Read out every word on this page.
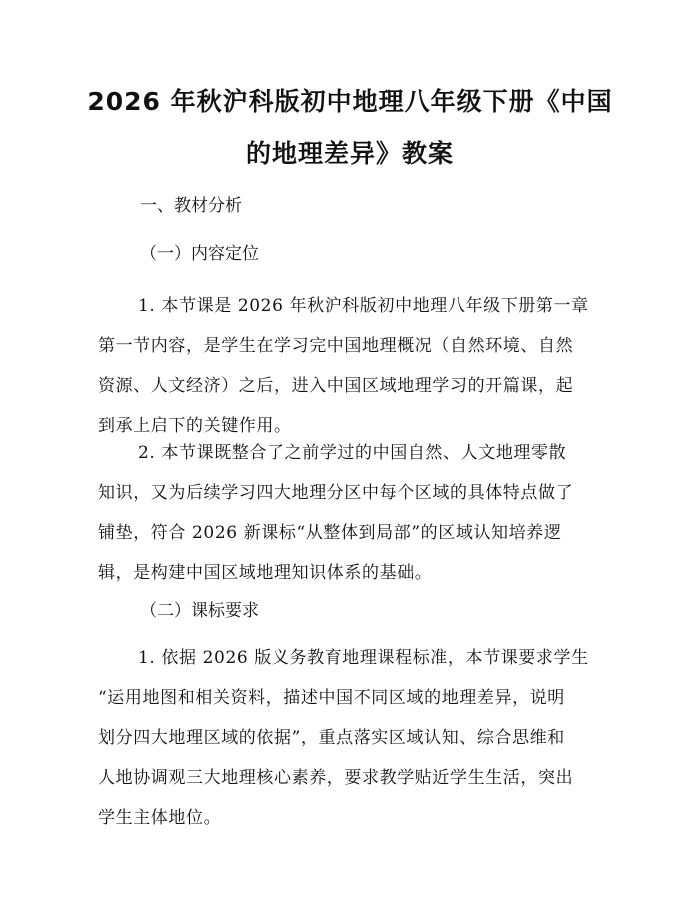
2026 年秋沪科版初中地理八年级下册《中国
的地理差异》教案

一、教材分析

（一）内容定位

1. 本节课是 2026 年秋沪科版初中地理八年级下册第一章
第一节内容，是学生在学习完中国地理概况（自然环境、自然
资源、人文经济）之后，进入中国区域地理学习的开篇课，起
到承上启下的关键作用。
2. 本节课既整合了之前学过的中国自然、人文地理零散
知识，又为后续学习四大地理分区中每个区域的具体特点做了
铺垫，符合 2026 新课标“从整体到局部”的区域认知培养逻
辑，是构建中国区域地理知识体系的基础。

（二）课标要求

1. 依据 2026 版义务教育地理课程标准，本节课要求学生
“运用地图和相关资料，描述中国不同区域的地理差异，说明
划分四大地理区域的依据”，重点落实区域认知、综合思维和
人地协调观三大地理核心素养，要求教学贴近学生生活，突出
学生主体地位。
